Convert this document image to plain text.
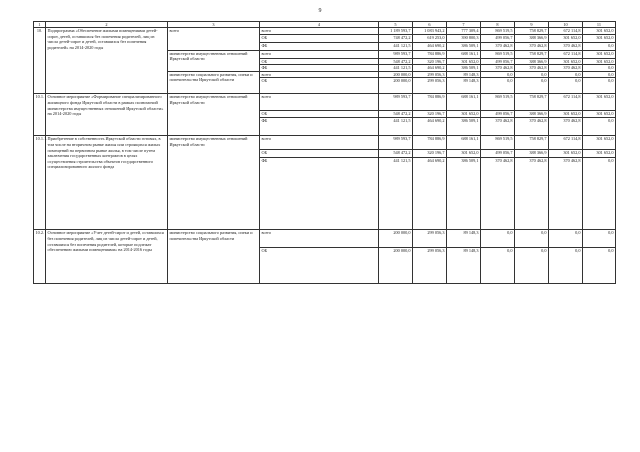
9
1	2	3	4	5	6	7	8	9	10	11
10.	Подпрограмма «Обеспечение жилыми помещениями детей-сирот, детей, оставшихся без попечения родителей, лиц из числа детей-сирот и детей, оставшихся без попечения родителей» на 2014-2020 годы	всего	всего	1 189 593,7	1 083 943,2	777 309,4	869 519,5	758 829,7	672 114,8	301 652,0
			ОБ	748 472,2	619 253,0	390 800,3	499 056,7	388 366,9	301 652,0	301 652,0
			ФБ	441 121,5	464 690,2	386 509,1	370 462,8	370 462,8	370 462,8	0,0
		министерство имущественных отношений Иркутской области	всего	989 593,7	784 886,9	688 161,1	869 519,5	758 829,7	672 114,8	301 652,0
			ОБ	548 472,2	320 196,7	301 652,0	499 056,7	388 366,9	301 652,0	301 652,0
			ФБ	441 121,5	464 690,2	386 509,1	370 462,8	370 462,8	370 462,8	0,0
		министерство социального развития, опеки и попечительства Иркутской области	всего	200 000,0	299 056,3	89 148,3	0,0	0,0	0,0	0,0
			ОБ	200 000,0	299 056,3	89 148,3	0,0	0,0	0,0	0,0
10.1.	Основное мероприятие «Формирование специализированного жилищного фонда Иркутской области в рамках полномочий министерства имущественных отношений Иркутской области» на 2014-2020 годы	министерство имущественных отношений Иркутской области	всего	989 593,7	784 886,9	688 161,1	869 519,5	758 829,7	672 114,8	301 652,0
			ОБ	548 472,2	320 196,7	301 652,0	499 056,7	388 366,9	301 652,0	301 652,0
			ФБ	441 121,5	464 690,2	386 509,1	370 462,8	370 462,8	370 462,8	0,0
10.1.1.	Приобретение в собственность Иркутской области готовых, в том числе на вторичном рынке жилья или строящихся жилых помещений на первичном рынке жилья, в том числе путем заключения государственных контрактов в целях осуществления строительства объектов государственного специализированного жилого фонда	министерство имущественных отношений Иркутской области	всего	989 593,7	784 886,9	688 161,1	869 519,5	758 829,7	672 114,8	301 652,0
			ОБ	548 472,2	320 196,7	301 652,0	499 056,7	388 366,9	301 652,0	301 652,0
			ФБ	441 121,5	464 690,2	386 509,1	370 462,8	370 462,8	370 462,8	0,0
10.2.	Основное мероприятие «Учет детей-сирот и детей, оставшихся без попечения родителей, лиц из числа детей-сирот и детей, оставшихся без попечения родителей, которые подлежат обеспечению жилыми помещениями» на 2014-2016 годы	министерство социального развития, опеки и попечительства Иркутской области	всего	200 000,0	299 056,3	89 148,3	0,0	0,0	0,0	0,0
			ОБ	200 000,0	299 056,3	89 148,3	0,0	0,0	0,0	0,0
